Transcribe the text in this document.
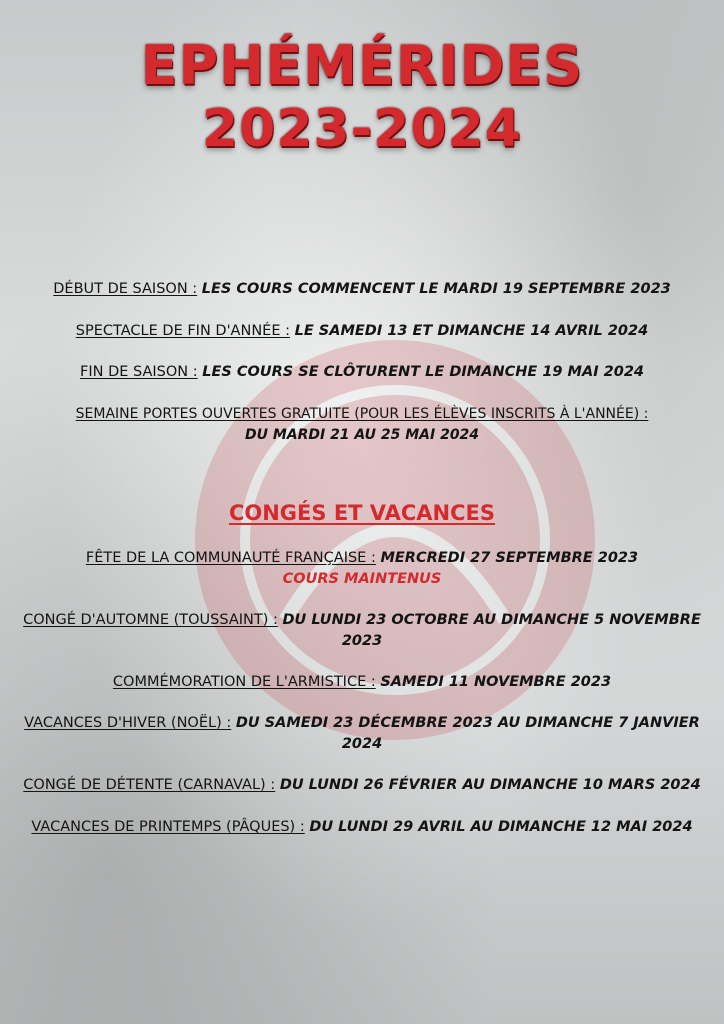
EPHÉMÉRIDES
2023-2024
DÉBUT DE SAISON : LES COURS COMMENCENT LE MARDI 19 SEPTEMBRE 2023
SPECTACLE DE FIN D'ANNÉE : LE SAMEDI 13 ET DIMANCHE 14 AVRIL 2024
FIN DE SAISON : LES COURS SE CLÔTURENT LE DIMANCHE 19 MAI 2024
SEMAINE PORTES OUVERTES GRATUITE (POUR LES ÉLÈVES INSCRITS À L'ANNÉE) :
DU MARDI 21 AU 25 MAI 2024
CONGÉS ET VACANCES
FÊTE DE LA COMMUNAUTÉ FRANÇAISE : MERCREDI 27 SEPTEMBRE 2023
COURS MAINTENUS
CONGÉ D'AUTOMNE (TOUSSAINT) : DU LUNDI 23 OCTOBRE AU DIMANCHE 5 NOVEMBRE 2023
COMMÉMORATION DE L'ARMISTICE : SAMEDI 11 NOVEMBRE 2023
VACANCES D'HIVER (NOËL) : DU SAMEDI 23 DÉCEMBRE 2023 AU DIMANCHE 7 JANVIER 2024
CONGÉ DE DÉTENTE (CARNAVAL) : DU LUNDI 26 FÉVRIER AU DIMANCHE 10 MARS 2024
VACANCES DE PRINTEMPS (PÂQUES) : DU LUNDI 29 AVRIL AU DIMANCHE 12 MAI 2024
